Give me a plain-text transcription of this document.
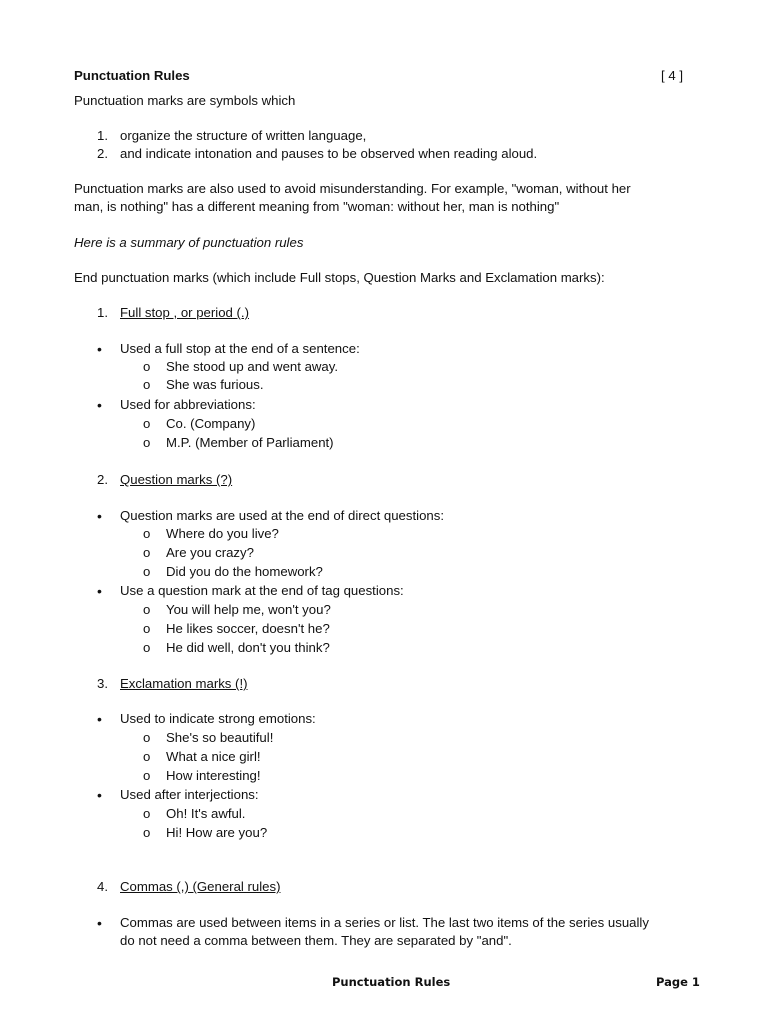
Punctuation Rules	[ 4 ]
Punctuation marks are symbols which
1. organize the structure of written language,
2. and indicate intonation and pauses to be observed when reading aloud.
Punctuation marks are also used to avoid misunderstanding. For example, "woman, without her
man, is nothing" has a different meaning from "woman: without her, man is nothing"
Here is a summary of punctuation rules
End punctuation marks (which include Full stops, Question Marks and Exclamation marks):
1. Full stop , or period (.)
• Used a full stop at the end of a sentence:
o She stood up and went away.
o She was furious.
• Used for abbreviations:
o Co. (Company)
o M.P. (Member of Parliament)
2. Question marks (?)
• Question marks are used at the end of direct questions:
o Where do you live?
o Are you crazy?
o Did you do the homework?
• Use a question mark at the end of tag questions:
o You will help me, won't you?
o He likes soccer, doesn't he?
o He did well, don't you think?
3. Exclamation marks (!)
• Used to indicate strong emotions:
o She's so beautiful!
o What a nice girl!
o How interesting!
• Used after interjections:
o Oh! It's awful.
o Hi! How are you?
4. Commas (,) (General rules)
• Commas are used between items in a series or list. The last two items of the series usually
do not need a comma between them. They are separated by "and".
Punctuation Rules	Page 1
